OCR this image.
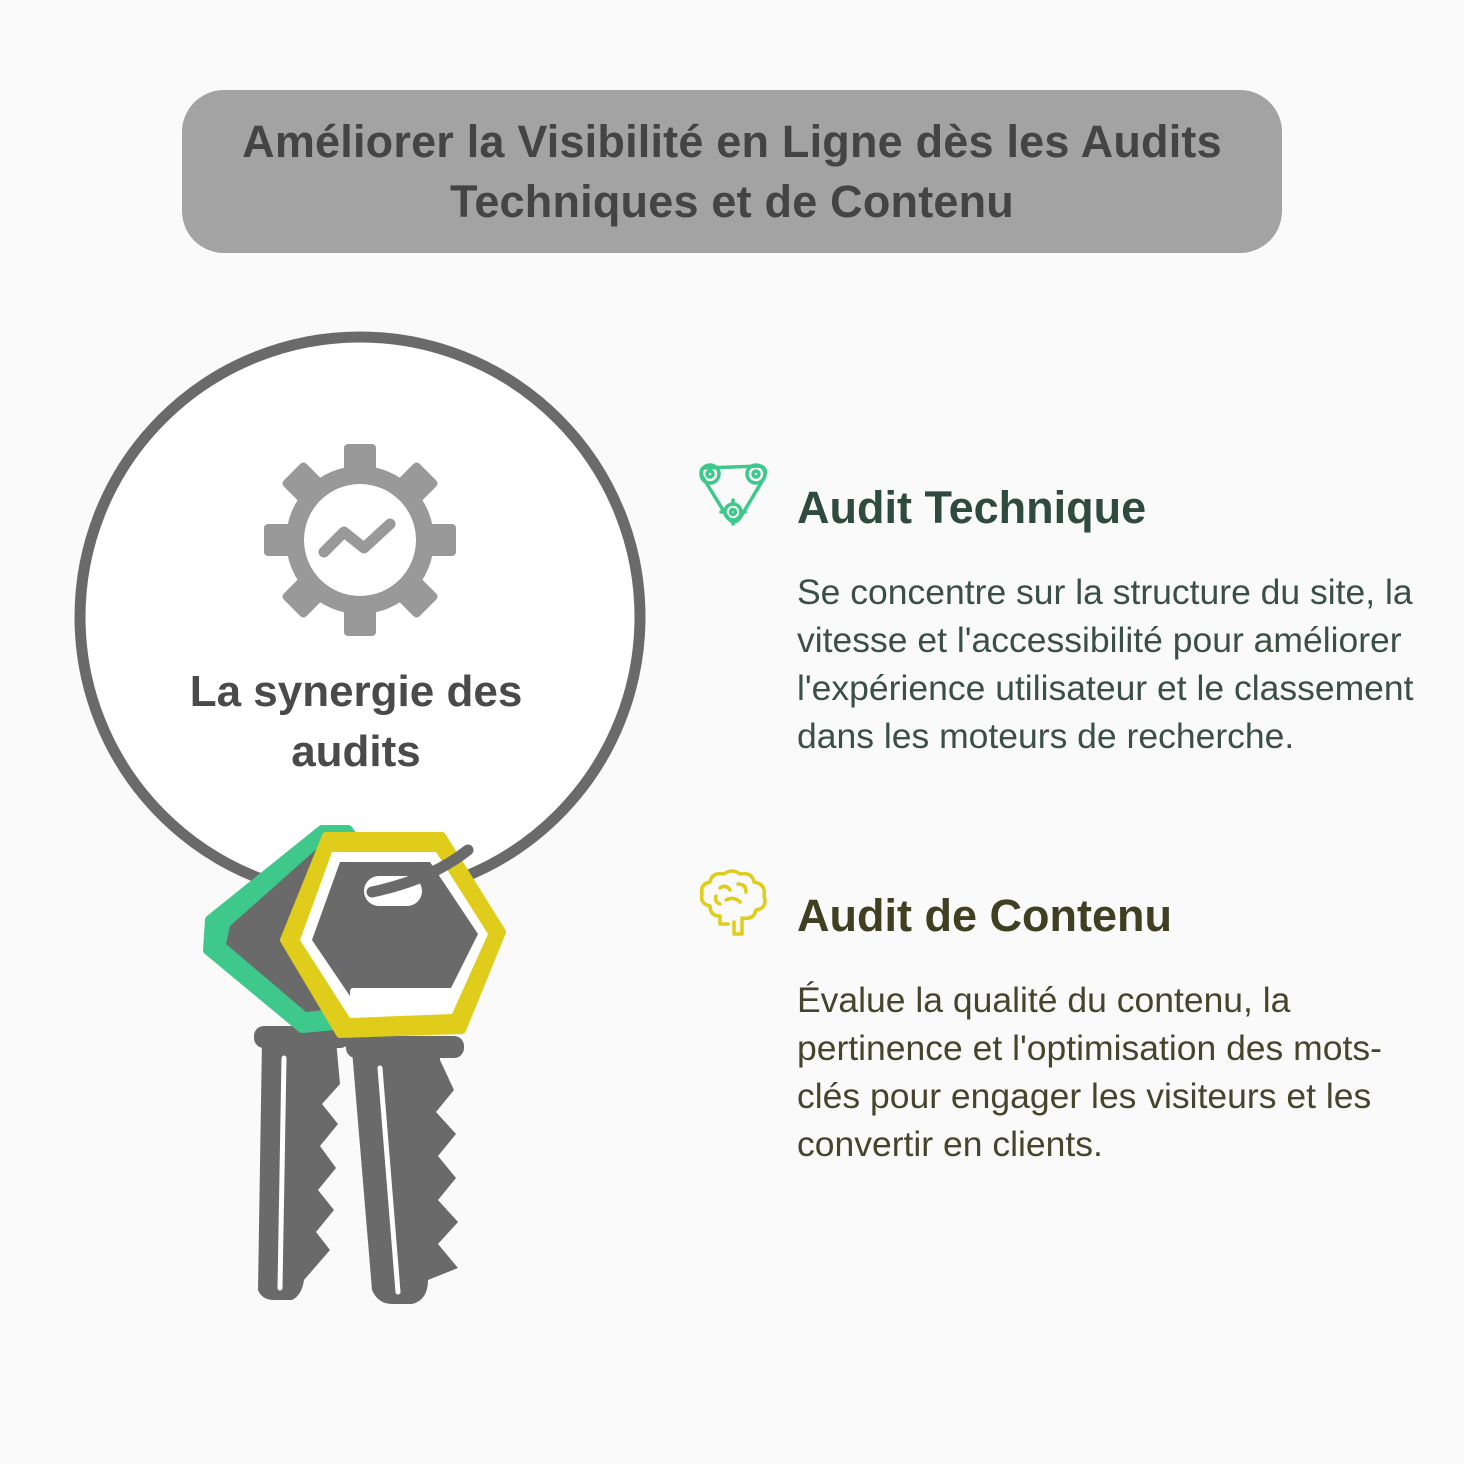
Améliorer la Visibilité en Ligne dès les Audits Techniques et de Contenu
La synergie des audits
Audit Technique
Se concentre sur la structure du site, la vitesse et l'accessibilité pour améliorer l'expérience utilisateur et le classement dans les moteurs de recherche.
Audit de Contenu
Évalue la qualité du contenu, la pertinence et l'optimisation des mots-clés pour engager les visiteurs et les convertir en clients.
